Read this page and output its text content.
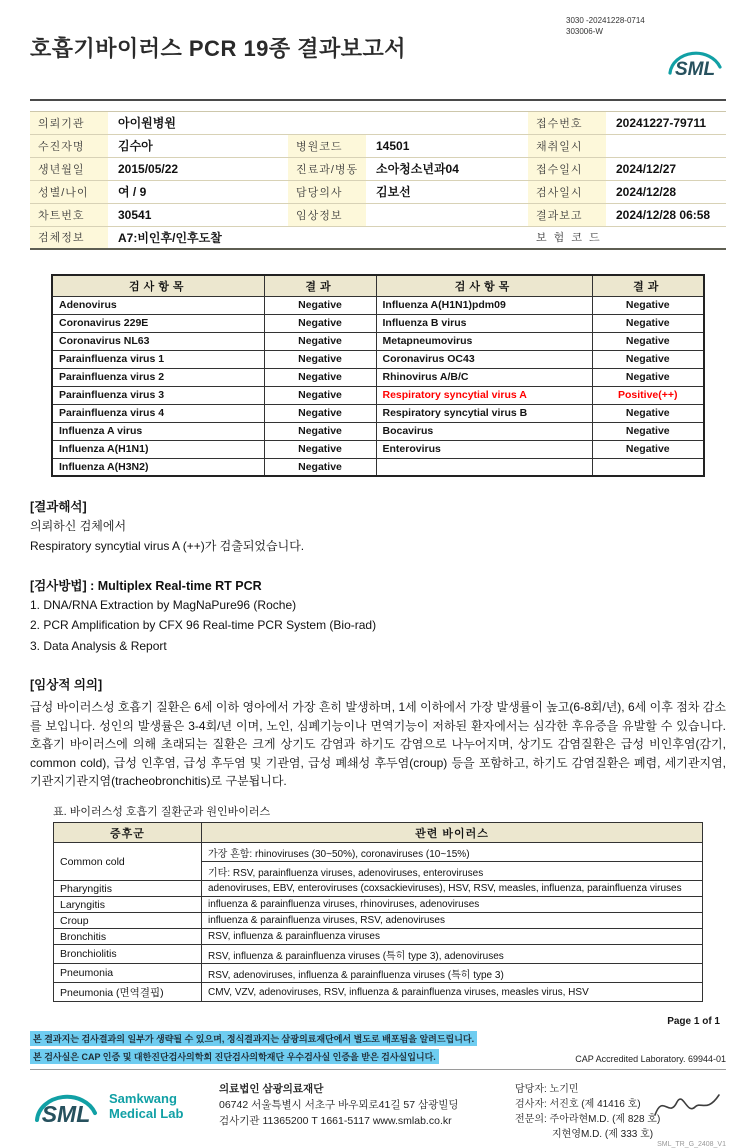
호흡기바이러스 PCR 19종 결과보고서
3030 -20241228-0714
303006-W
SML
의뢰기관	아이원병원			접수번호	20241227-79711
수진자명	김수아	병원코드	14501	채취일시	
생년월일	2015/05/22	진료과/병동	소아청소년과04	접수일시	2024/12/27
성별/나이	여 / 9	담당의사	김보선	검사일시	2024/12/28
차트번호	30541	임상정보		결과보고	2024/12/28 06:58
검체정보	A7:비인후/인후도찰			보 험 코 드	
검사항목	결과	검사항목	결과
Adenovirus	Negative	Influenza A(H1N1)pdm09	Negative
Coronavirus 229E	Negative	Influenza B virus	Negative
Coronavirus NL63	Negative	Metapneumovirus	Negative
Parainfluenza virus 1	Negative	Coronavirus OC43	Negative
Parainfluenza virus 2	Negative	Rhinovirus A/B/C	Negative
Parainfluenza virus 3	Negative	Respiratory syncytial virus A	Positive(++)
Parainfluenza virus 4	Negative	Respiratory syncytial virus B	Negative
Influenza A virus	Negative	Bocavirus	Negative
Influenza A(H1N1)	Negative	Enterovirus	Negative
Influenza A(H3N2)	Negative		
[결과해석]
의뢰하신 검체에서
Respiratory syncytial virus A (++)가 검출되었습니다.
[검사방법] : Multiplex Real-time RT PCR
1. DNA/RNA Extraction by MagNaPure96 (Roche)
2. PCR Amplification by CFX 96 Real-time PCR System (Bio-rad)
3. Data Analysis & Report
[임상적 의의]

급성 바이러스성 호흡기 질환은 6세 이하 영아에서 가장 흔히 발생하며, 1세 이하에서 가장 발생률이 높고(6-8회/년), 6세 이후 점차 감소를 보입니다. 성인의 발생률은 3-4회/년 이며, 노인, 심폐기능이나 면역기능이 저하된 환자에서는 심각한 후유증을 유발할 수 있습니다. 호흡기 바이러스에 의해 초래되는 질환은 크게 상기도 감염과 하기도 감염으로 나누어지며, 상기도 감염질환은 급성 비인후염(감기, common cold), 급성 인후염, 급성 후두염 및 기관염, 급성 폐쇄성 후두염(croup) 등을 포함하고, 하기도 감염질환은 폐렴, 세기관지염, 기관지기관지염(tracheobronchitis)로 구분됩니다.

표. 바이러스성 호흡기 질환군과 원인바이러스
증후군	관련 바이러스
Common cold	가장 흔함: rhinoviruses (30~50%), coronaviruses (10~15%)
	기타: RSV, parainfluenza viruses, adenoviruses, enteroviruses
Pharyngitis	adenoviruses, EBV, enteroviruses (coxsackieviruses), HSV, RSV, measles, influenza, parainfluenza viruses
Laryngitis	influenza & parainfluenza viruses, rhinoviruses, adenoviruses
Croup	influenza & parainfluenza viruses, RSV, adenoviruses
Bronchitis	RSV, influenza & parainfluenza viruses
Bronchiolitis	RSV, influenza & parainfluenza viruses (특히 type 3), adenoviruses
Pneumonia	RSV, adenoviruses, influenza & parainfluenza viruses (특히 type 3)
Pneumonia (면역결핍)	CMV, VZV, adenoviruses, RSV, influenza & parainfluenza viruses, measles virus, HSV
Page 1 of 1
본 결과지는 검사결과의 일부가 생략될 수 있으며, 정식결과지는 삼광의료재단에서 별도로 배포됨을 알려드립니다.
본 검사실은 CAP 인증 및 대한진단검사의학회 진단검사의학재단 우수검사실 인증을 받은 검사실입니다.	CAP Accredited Laboratory. 69944-01
SML
Samkwang
Medical Lab
의료법인 삼광의료재단
06742 서울특별시 서초구 바우뫼로41길 57 삼광빌딩
검사기관 11365200 T 1661-5117 www.smlab.co.kr
담당자: 노기민
검사자: 서진호 (제 41416 호)
전문의: 주아라현M.D. (제 828 호)
지현영M.D. (제 333 호)
SML_TR_G_2408_V1
